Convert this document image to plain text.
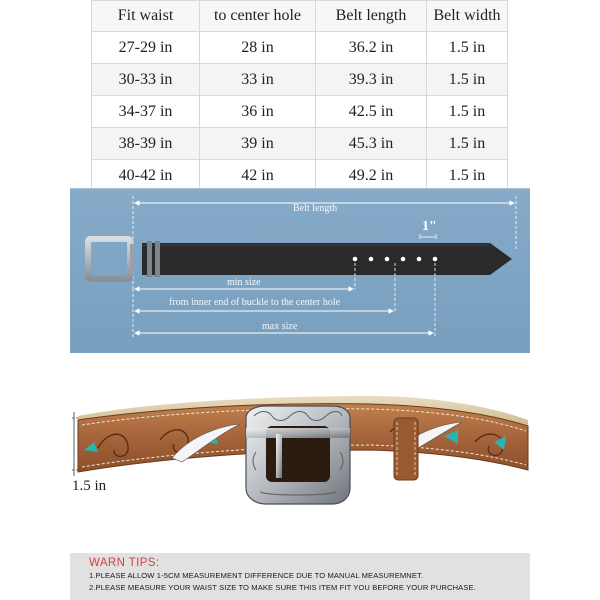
Fit waist	to center hole	Belt length	Belt width
27-29 in	28 in	36.2 in	1.5 in
30-33 in	33 in	39.3 in	1.5 in
34-37 in	36 in	42.5 in	1.5 in
38-39 in	39 in	45.3 in	1.5 in
40-42 in	42 in	49.2 in	1.5 in
Belt length
1"
min size
from inner end of buckle to the center hole
max size
1.5 in
WARN TIPS:
1.PLEASE ALLOW 1-5CM MEASUREMENT DIFFERENCE DUE TO MANUAL MEASUREMNET.
2.PLEASE MEASURE YOUR WAIST SIZE TO MAKE SURE THIS ITEM FIT YOU BEFORE YOUR PURCHASE.
